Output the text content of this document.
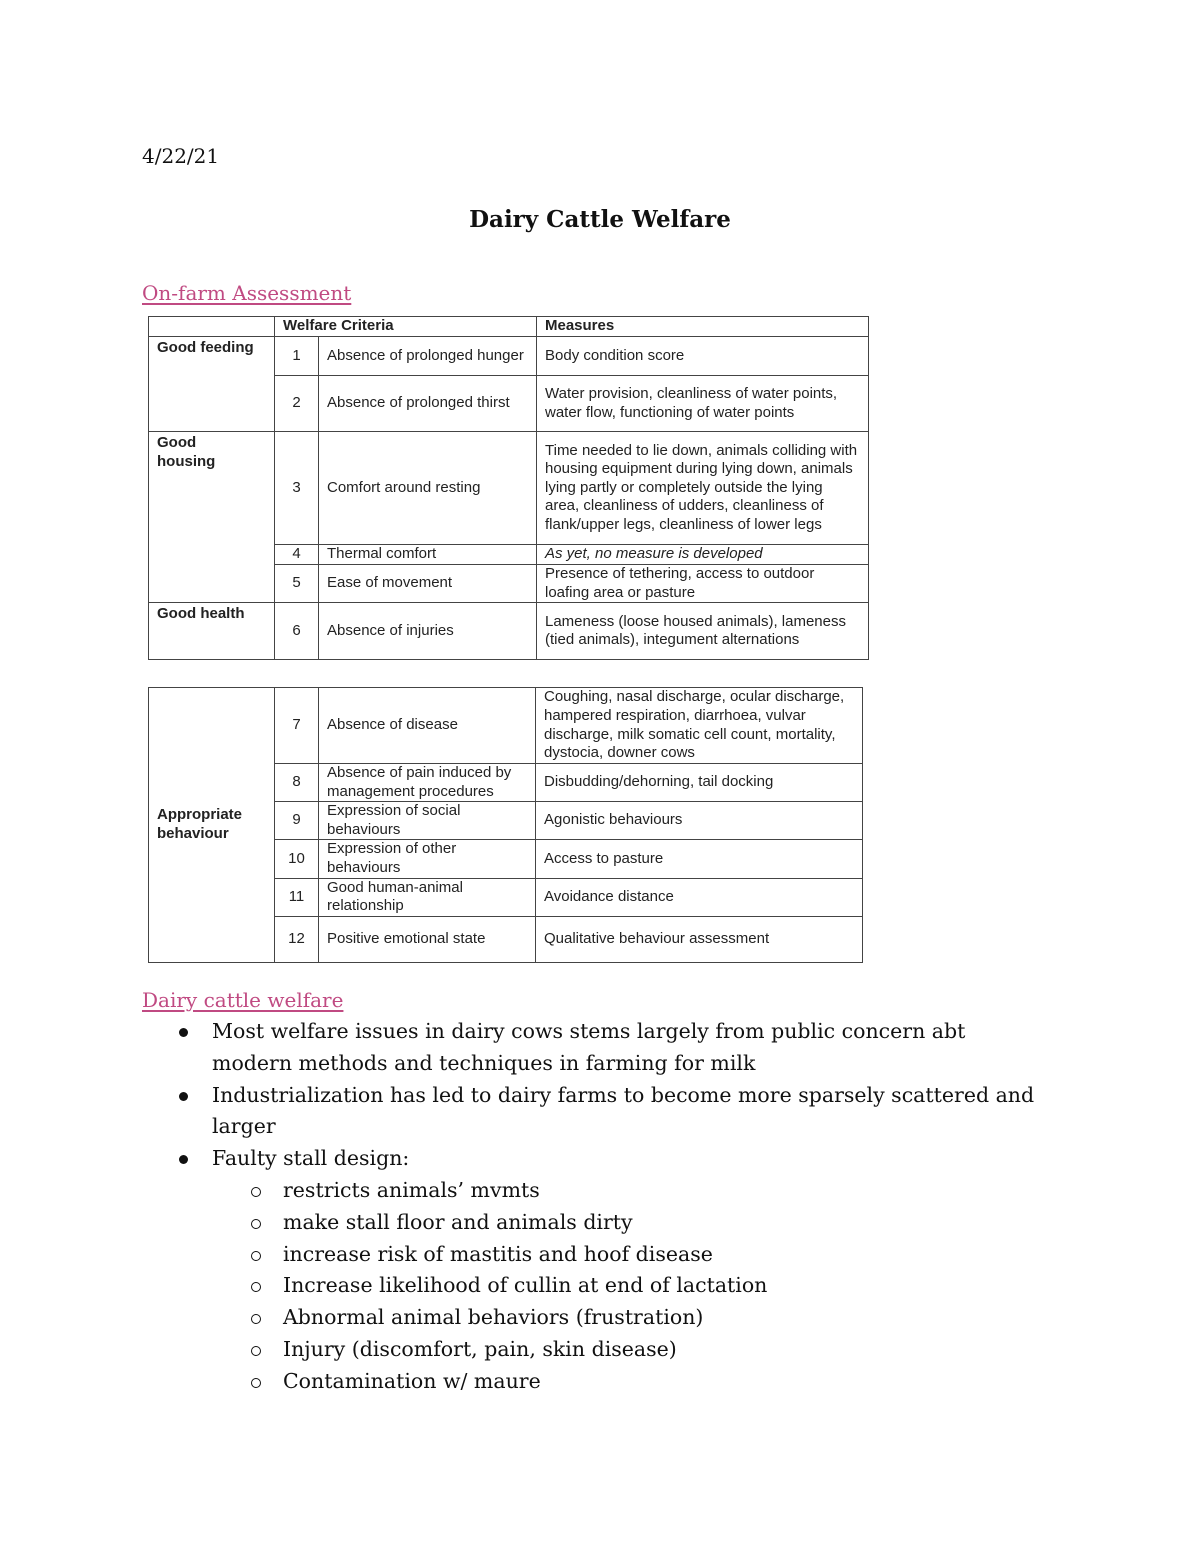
4/22/21
Dairy Cattle Welfare
On-farm Assessment
	Welfare Criteria		Measures
Good feeding	1	Absence of prolonged hunger	Body condition score
	2	Absence of prolonged thirst	Water provision, cleanliness of water points, water flow, functioning of water points

Good housing	3	Comfort around resting	Time needed to lie down, animals colliding with housing equipment during lying down, animals lying partly or completely outside the lying area, cleanliness of udders, cleanliness of flank/upper legs, cleanliness of lower legs
	4	Thermal comfort	As yet, no measure is developed
	5	Ease of movement	Presence of tethering, access to outdoor loafing area or pasture
Good health	6	Absence of injuries	Lameness (loose housed animals), lameness (tied animals), integument alternations
Appropriate behaviour	7	Absence of disease	Coughing, nasal discharge, ocular discharge, hampered respiration, diarrhoea, vulvar discharge, milk somatic cell count, mortality, dystocia, downer cows
	8	Absence of pain induced by management procedures	Disbudding/dehorning, tail docking
	9	Expression of social behaviours	Agonistic behaviours
	10	Expression of other behaviours	Access to pasture
	11	Good human-animal relationship	Avoidance distance
	12	Positive emotional state	Qualitative behaviour assessment
Dairy cattle welfare
Most welfare issues in dairy cows stems largely from public concern abt modern methods and techniques in farming for milk
Industrialization has led to dairy farms to become more sparsely scattered and larger
Faulty stall design:
restricts animals’ mvmts
make stall floor and animals dirty
increase risk of mastitis and hoof disease
Increase likelihood of cullin at end of lactation
Abnormal animal behaviors (frustration)
Injury (discomfort, pain, skin disease)
Contamination w/ maure
